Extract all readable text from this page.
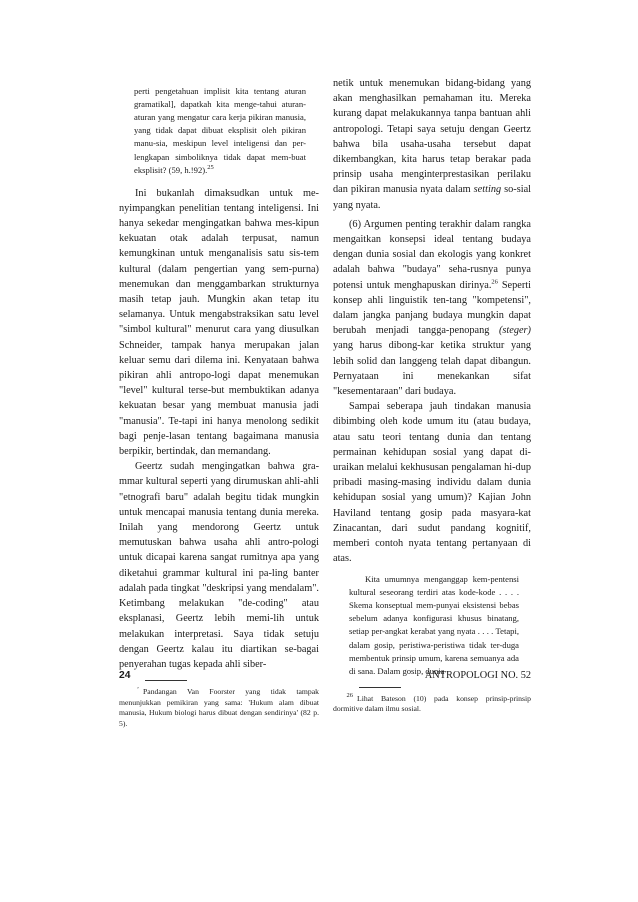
perti pengetahuan implisit kita tentang aturan gramatikal], dapatkah kita menge-tahui aturan-aturan yang mengatur cara kerja pikiran manusia, yang tidak dapat dibuat eksplisit oleh pikiran manu-sia, meskipun level inteligensi dan per-lengkapan simboliknya tidak dapat mem-buat eksplisit? (59, h.!92).$^{25}$

Ini bukanlah dimaksudkan untuk me-nyimpangkan penelitian tentang inteligensi. Ini hanya sekedar mengingatkan bahwa mes-kipun kekuatan otak adalah terpusat, namun kemungkinan untuk menganalisis satu sis-tem kultural (dalam pengertian yang sem-purna) menemukan dan menggambarkan strukturnya masih tetap jauh. Mungkin akan tetap itu selamanya. Untuk mengabstraksikan satu level "simbol kultural" menurut cara yang diusulkan Schneider, tampak hanya merupakan jalan keluar semu dari dilema ini. Kenyataan bahwa pikiran ahli antropo-logi dapat menemukan "level" kultural terse-but membuktikan adanya kekuatan besar yang membuat manusia jadi "manusia". Te-tapi ini hanya menolong sedikit bagi penje-lasan tentang bagaimana manusia berpikir, bertindak, dan memandang.

Geertz sudah mengingatkan bahwa gra-mmar kultural seperti yang dirumuskan ahli-ahli "etnografi baru" adalah begitu tidak mungkin untuk mencapai manusia tentang dunia mereka. Inilah yang mendorong Geertz untuk memutuskan bahwa usaha ahli antro-pologi untuk dicapai karena sangat rumitnya apa yang diketahui grammar kultural ini pa-ling banter adalah pada tingkat "deskripsi yang mendalam". Ketimbang melakukan "de-coding" atau eksplanasi, Geertz lebih memi-lih untuk melakukan interpretasi. Saya tidak setuju dengan Geertz kalau itu diartikan se-bagai penyerahan tugas kepada ahli siber-

’ Pandangan Van Foorster yang tidak tampak menunjukkan pemikiran yang sama: 'Hukum alam dibuat manusia, Hukum biologi harus dibuat dengan sendirinya' (82 p. 5).

netik untuk menemukan bidang-bidang yang akan menghasilkan pemahaman itu. Mereka kurang dapat melakukannya tanpa bantuan ahli antropologi. Tetapi saya setuju dengan Geertz bahwa bila usaha-usaha tersebut dapat dikembangkan, kita harus tetap berakar pada prinsip usaha menginterprestasikan perilaku dan pikiran manusia nyata dalam setting so-sial yang nyata.

(6) Argumen penting terakhir dalam rangka mengaitkan konsepsi ideal tentang budaya dengan dunia sosial dan ekologis yang konkret adalah bahwa "budaya" seha-rusnya punya potensi untuk menghapuskan dirinya.$^{26}$ Seperti konsep ahli linguistik ten-tang "kompetensi", dalam jangka panjang budaya mungkin dapat berubah menjadi tangga-penopang (steger) yang harus dibong-kar ketika struktur yang lebih solid dan langgeng telah dapat dibangun. Pernyataan ini menekankan sifat "kesementaraan" dari budaya.

Sampai seberapa jauh tindakan manusia dibimbing oleh kode umum itu (atau budaya, atau satu teori tentang dunia dan tentang permainan kehidupan sosial yang dapat di-uraikan melalui kekhususan pengalaman hi-dup pribadi masing-masing individu dalam dunia kehidupan sosial yang umum)? Kajian John Haviland tentang gosip pada masyara-kat Zinacantan, dari sudut pandang kognitif, memberi contoh nyata tentang pertanyaan di atas.

Kita umumnya menganggap kem-pentensi kultural seseorang terdiri atas kode-kode . . . . Skema konseptual mem-punyai eksistensi bebas sebelum adanya konfigurasi khusus binatang, setiap per-angkat kerabat yang nyata . . . . Tetapi, dalam gosip, peristiwa-peristiwa tidak ter-duga membentuk prinsip umum, karena semuanya ada di sana. Dalam gosip, dunia

$^{26}$ Lihat Bateson (10) pada konsep prinsip-prinsip dormitive dalam ilmu sosial.

24	ANTROPOLOGI NO. 52
